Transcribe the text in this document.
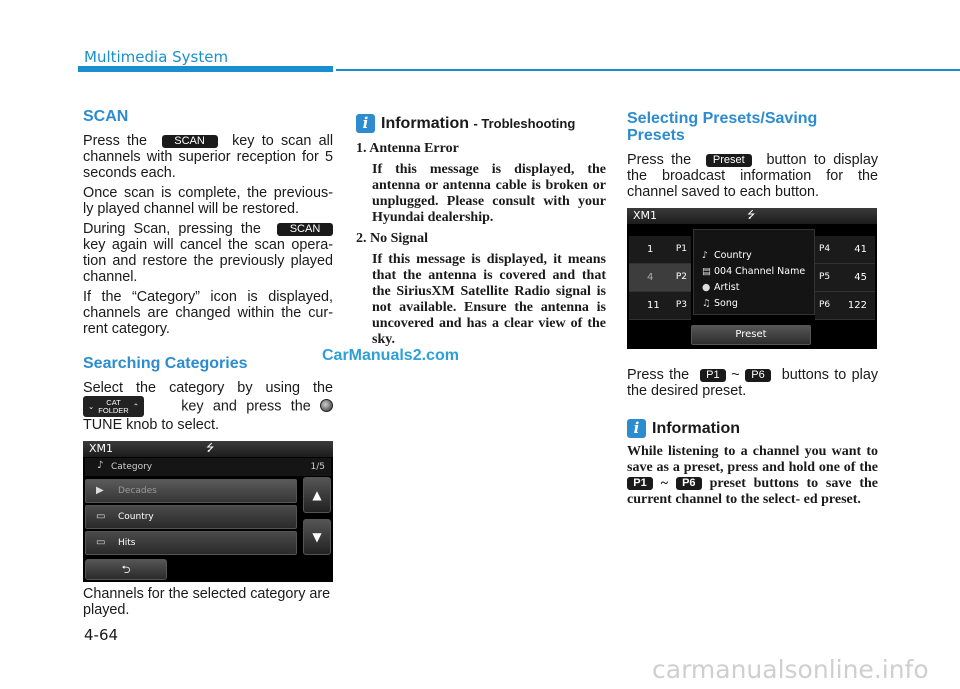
Multimedia System
SCAN

Press the SCAN key to scan all channels with superior reception for 5 seconds each.

Once scan is complete, the previous- ly played channel will be restored.

During Scan, pressing the	SCAN key again will cancel the scan opera- tion and restore the previously played channel.

If the “Category” icon is displayed, channels are changed within the cur- rent category.

Searching Categories

Select the category by using the
⌄	CAT
FOLDER ⌃	key and press the  TUNE knob to select.

XM1	⭍
♪ Category	1/5
▶	Decades
▭	Country
▭	Hits
▲
▼
⮌

Channels for the selected category are played.

i Information - Trobleshooting
1. Antenna Error
If this message is displayed, the antenna or antenna cable is broken or unplugged. Please consult with your Hyundai dealership.
2. No Signal
If this message is displayed, it means that the antenna is covered and that the SiriusXM Satellite Radio signal is not available. Ensure the antenna is uncovered and has a clear view of the sky.
Selecting Presets/Saving Presets

Press the Preset button to display the broadcast information for the channel saved to each button.

XM1	⭍
1 P1
4 P2
11 P3
♪ Country
▤ 004 Channel Name
● Artist
♫ Song
P4 41
P5 45
P6 122
Preset

Press the P1 ~ P6 buttons to play the desired preset.

i Information

While listening to a channel you want to save as a preset, press and hold one of the P1 ~ P6 preset buttons to save the current channel to the select- ed preset.

CarManuals2.com
4-64
carmanualsonline.info
